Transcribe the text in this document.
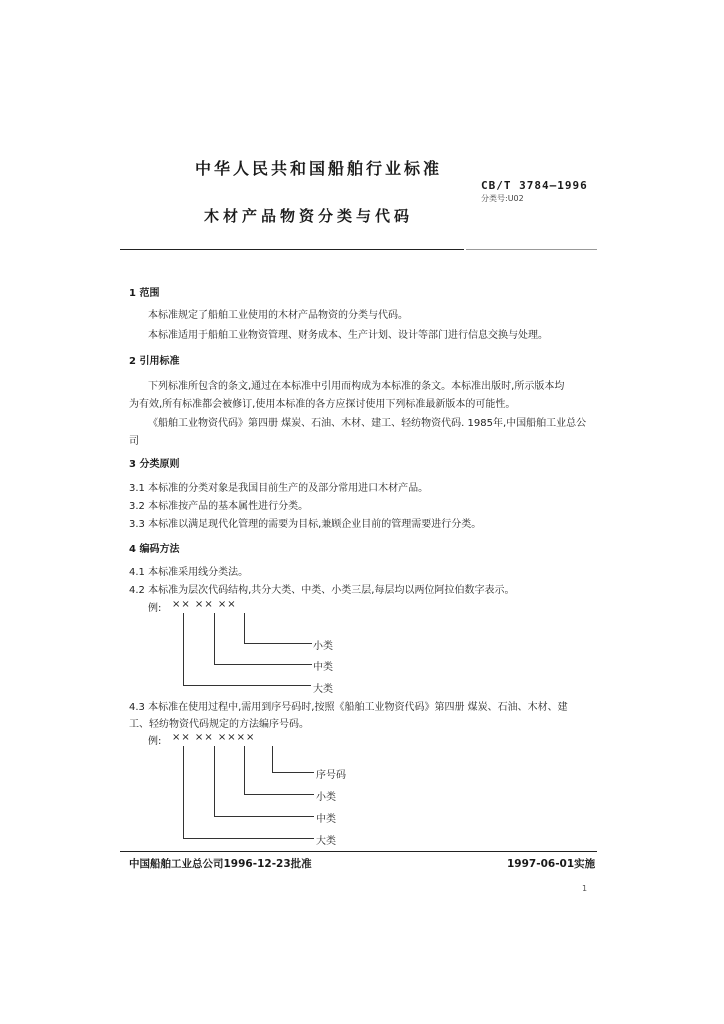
中华人民共和国船舶行业标准
CB/T 3784—1996
分类号:U02
木材产品物资分类与代码
1 范围
本标准规定了船舶工业使用的木材产品物资的分类与代码。
本标准适用于船舶工业物资管理、财务成本、生产计划、设计等部门进行信息交换与处理。
2 引用标准
下列标准所包含的条文,通过在本标准中引用而构成为本标准的条文。本标准出版时,所示版本均
为有效,所有标准都会被修订,使用本标准的各方应探讨使用下列标准最新版本的可能性。
《船舶工业物资代码》第四册 煤炭、石油、木材、建工、轻纺物资代码. 1985年,中国船舶工业总公
司
3 分类原则
3.1 本标准的分类对象是我国目前生产的及部分常用进口木材产品。
3.2 本标准按产品的基本属性进行分类。
3.3 本标准以满足现代化管理的需要为目标,兼顾企业目前的管理需要进行分类。
4 编码方法
4.1 本标准采用线分类法。
4.2 本标准为层次代码结构,共分大类、中类、小类三层,每层均以两位阿拉伯数字表示。
例: ×× ×× ××
小类
中类
大类
4.3 本标准在使用过程中,需用到序号码时,按照《船舶工业物资代码》第四册 煤炭、石油、木材、建
工、轻纺物资代码规定的方法编序号码。
例: ×× ×× ××××
序号码
小类
中类
大类
中国船舶工业总公司1996-12-23批准	1997-06-01实施
1
